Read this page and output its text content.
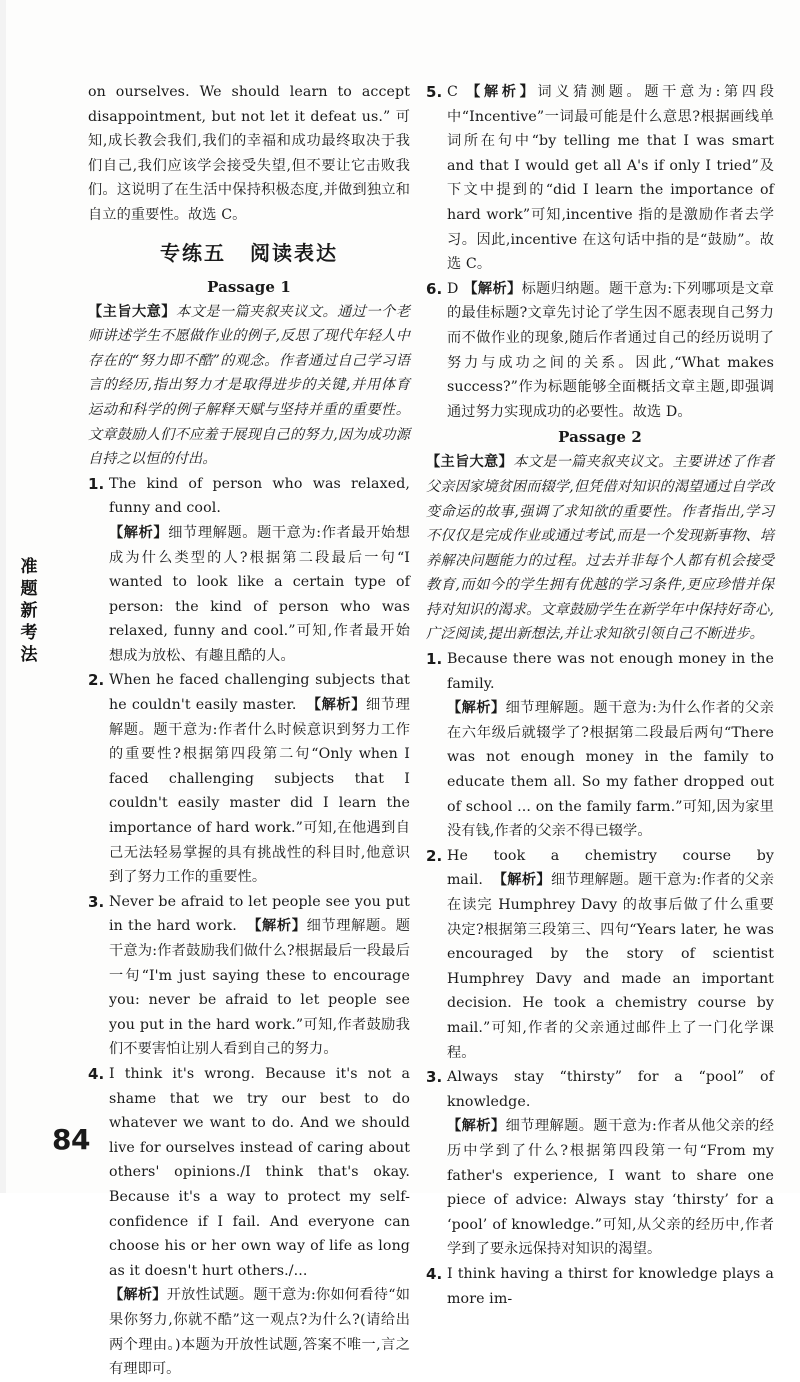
准
题
新
考
法

on ourselves. We should learn to accept disappointment, but not let it defeat us.” 可知,成长教会我们,我们的幸福和成功最终取决于我们自己,我们应该学会接受失望,但不要让它击败我们。这说明了在生活中保持积极态度,并做到独立和自立的重要性。故选 C。

专练五 阅读表达
Passage 1

【主旨大意】本文是一篇夹叙夹议文。通过一个老师讲述学生不愿做作业的例子,反思了现代年轻人中存在的“努力即不酷”的观念。作者通过自己学习语言的经历,指出努力才是取得进步的关键,并用体育运动和科学的例子解释天赋与坚持并重的重要性。文章鼓励人们不应羞于展现自己的努力,因为成功源自持之以恒的付出。

1. The kind of person who was relaxed, funny and cool.
【解析】细节理解题。题干意为:作者最开始想成为什么类型的人?根据第二段最后一句“I wanted to look like a certain type of person: the kind of person who was relaxed, funny and cool.”可知,作者最开始想成为放松、有趣且酷的人。
2. When he faced challenging subjects that he couldn't easily master. 【解析】细节理解题。题干意为:作者什么时候意识到努力工作的重要性?根据第四段第二句“Only when I faced challenging subjects that I couldn't easily master did I learn the importance of hard work.”可知,在他遇到自己无法轻易掌握的具有挑战性的科目时,他意识到了努力工作的重要性。
3. Never be afraid to let people see you put in the hard work. 【解析】细节理解题。题干意为:作者鼓励我们做什么?根据最后一段最后一句“I'm just saying these to encourage you: never be afraid to let people see you put in the hard work.”可知,作者鼓励我们不要害怕让别人看到自己的努力。
4. I think it's wrong. Because it's not a shame that we try our best to do whatever we want to do. And we should live for ourselves instead of caring about others' opinions./I think that's okay. Because it's a way to protect my self-confidence if I fail. And everyone can choose his or her own way of life as long as it doesn't hurt others./...
【解析】开放性试题。题干意为:你如何看待“如果你努力,你就不酷”这一观点?为什么?(请给出两个理由。)本题为开放性试题,答案不唯一,言之有理即可。
5. C 【解析】词义猜测题。题干意为:第四段中“Incentive”一词最可能是什么意思?根据画线单词所在句中“by telling me that I was smart and that I would get all A's if only I tried”及下文中提到的“did I learn the importance of hard work”可知,incentive 指的是激励作者去学习。因此,incentive 在这句话中指的是“鼓励”。故选 C。
6. D 【解析】标题归纳题。题干意为:下列哪项是文章的最佳标题?文章先讨论了学生因不愿表现自己努力而不做作业的现象,随后作者通过自己的经历说明了努力与成功之间的关系。因此,“What makes success?”作为标题能够全面概括文章主题,即强调通过努力实现成功的必要性。故选 D。
Passage 2

【主旨大意】本文是一篇夹叙夹议文。主要讲述了作者父亲因家境贫困而辍学,但凭借对知识的渴望通过自学改变命运的故事,强调了求知欲的重要性。作者指出,学习不仅仅是完成作业或通过考试,而是一个发现新事物、培养解决问题能力的过程。过去并非每个人都有机会接受教育,而如今的学生拥有优越的学习条件,更应珍惜并保持对知识的渴求。文章鼓励学生在新学年中保持好奇心,广泛阅读,提出新想法,并让求知欲引领自己不断进步。

1. Because there was not enough money in the family.
【解析】细节理解题。题干意为:为什么作者的父亲在六年级后就辍学了?根据第二段最后两句“There was not enough money in the family to educate them all. So my father dropped out of school ... on the family farm.”可知,因为家里没有钱,作者的父亲不得已辍学。
2. He took a chemistry course by mail. 【解析】细节理解题。题干意为:作者的父亲在读完 Humphrey Davy 的故事后做了什么重要决定?根据第三段第三、四句“Years later, he was encouraged by the story of scientist Humphrey Davy and made an important decision. He took a chemistry course by mail.”可知,作者的父亲通过邮件上了一门化学课程。
3. Always stay “thirsty” for a “pool” of knowledge.
【解析】细节理解题。题干意为:作者从他父亲的经历中学到了什么?根据第四段第一句“From my father's experience, I want to share one piece of advice: Always stay ‘thirsty’ for a ‘pool’ of knowledge.”可知,从父亲的经历中,作者学到了要永远保持对知识的渴望。
4. I think having a thirst for knowledge plays a more im-
84
